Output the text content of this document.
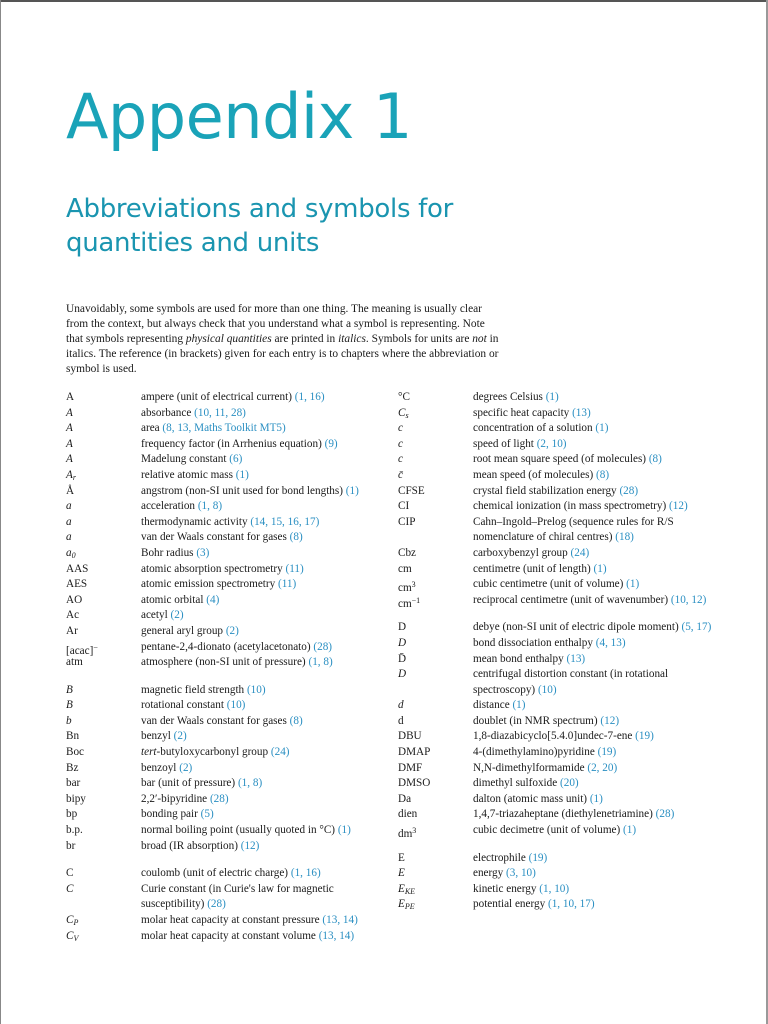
Appendix 1
Abbreviations and symbols for quantities and units

Unavoidably, some symbols are used for more than one thing. The meaning is usually clear from the context, but always check that you understand what a symbol is representing. Note that symbols representing physical quantities are printed in italics. Symbols for units are not in italics. The reference (in brackets) given for each entry is to chapters where the abbreviation or symbol is used.

A	ampere (unit of electrical current) (1, 16)
A	absorbance (10, 11, 28)
A	area (8, 13, Maths Toolkit MT5)
A	frequency factor (in Arrhenius equation) (9)
A	Madelung constant (6)
$A_r$	relative atomic mass (1)
Å	angstrom (non-SI unit used for bond lengths) (1)
a	acceleration (1, 8)
a	thermodynamic activity (14, 15, 16, 17)
a	van der Waals constant for gases (8)
$a_0$	Bohr radius (3)
AAS	atomic absorption spectrometry (11)
AES	atomic emission spectrometry (11)
AO	atomic orbital (4)
Ac	acetyl (2)
Ar	general aryl group (2)
[acac]−	pentane-2,4-dionato (acetylacetonato) (28)
atm	atmosphere (non-SI unit of pressure) (1, 8)
B	magnetic field strength (10)
B	rotational constant (10)
b	van der Waals constant for gases (8)
Bn	benzyl (2)
Boc	tert-butyloxycarbonyl group (24)
Bz	benzoyl (2)
bar	bar (unit of pressure) (1, 8)
bipy	2,2′-bipyridine (28)
bp	bonding pair (5)
b.p.	normal boiling point (usually quoted in °C) (1)
br	broad (IR absorption) (12)
C	coulomb (unit of electric charge) (1, 16)
C	Curie constant (in Curie's law for magnetic susceptibility) (28)
$C_P$	molar heat capacity at constant pressure (13, 14)
$C_V$	molar heat capacity at constant volume (13, 14)
°C	degrees Celsius (1)
$C_s$	specific heat capacity (13)
c	concentration of a solution (1)
c	speed of light (2, 10)
c	root mean square speed (of molecules) (8)
c̄	mean speed (of molecules) (8)
CFSE	crystal field stabilization energy (28)
CI	chemical ionization (in mass spectrometry) (12)
CIP	Cahn–Ingold–Prelog (sequence rules for R/S nomenclature of chiral centres) (18)
Cbz	carboxybenzyl group (24)
cm	centimetre (unit of length) (1)
$cm^3$	cubic centimetre (unit of volume) (1)
$cm^{-1}$	reciprocal centimetre (unit of wavenumber) (10, 12)
D	debye (non-SI unit of electric dipole moment) (5, 17)
D	bond dissociation enthalpy (4, 13)
D̄	mean bond enthalpy (13)
D	centrifugal distortion constant (in rotational spectroscopy) (10)
d	distance (1)
d	doublet (in NMR spectrum) (12)
DBU	1,8-diazabicyclo[5.4.0]undec-7-ene (19)
DMAP	4-(dimethylamino)pyridine (19)
DMF	N,N-dimethylformamide (2, 20)
DMSO	dimethyl sulfoxide (20)
Da	dalton (atomic mass unit) (1)
dien	1,4,7-triazaheptane (diethylenetriamine) (28)
$dm^3$	cubic decimetre (unit of volume) (1)
E	electrophile (19)
E	energy (3, 10)
$E_{KE}$	kinetic energy (1, 10)
$E_{PE}$	potential energy (1, 10, 17)
